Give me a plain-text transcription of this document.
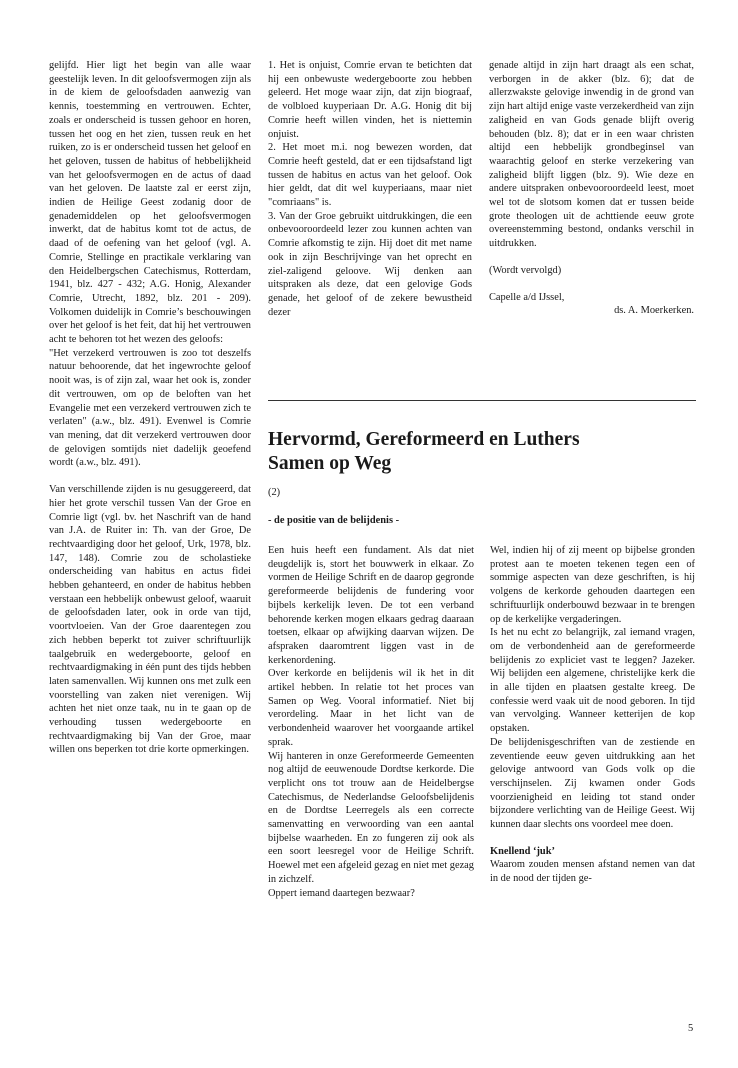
gelijfd. Hier ligt het begin van alle waar geestelijk leven. In dit geloofsvermogen zijn als in de kiem de geloofsdaden aanwezig van kennis, toestemming en vertrouwen. Echter, zoals er onderscheid is tussen gehoor en horen, tussen het oog en het zien, tussen reuk en het ruiken, zo is er onderscheid tussen het geloof en het geloven, tussen de habitus of hebbelijkheid van het geloofsvermogen en de actus of daad van het geloven. De laatste zal er eerst zijn, indien de Heilige Geest zodanig door de genademiddelen op het geloofsvermogen inwerkt, dat de habitus komt tot de actus, de daad of de oefening van het geloof (vgl. A. Comrie, Stellinge en practikale verklaring van den Heidelbergschen Catechismus, Rotterdam, 1941, blz. 427 - 432; A.G. Honig, Alexander Comrie, Utrecht, 1892, blz. 201 - 209). Volkomen duidelijk in Comrie’s beschouwingen over het geloof is het feit, dat hij het vertrouwen acht te behoren tot het wezen des geloofs:

"Het verzekerd vertrouwen is zoo tot deszelfs natuur behoorende, dat het ingewrochte geloof nooit was, is of zijn zal, waar het ook is, zonder dit vertrouwen, om op de beloften van het Evangelie met een verzekerd vertrouwen zich te verlaten" (a.w., blz. 491). Evenwel is Comrie van mening, dat dit verzekerd vertrouwen door de gelovigen somtijds niet dadelijk geoefend wordt (a.w., blz. 491).

Van verschillende zijden is nu gesuggereerd, dat hier het grote verschil tussen Van der Groe en Comrie ligt (vgl. bv. het Naschrift van de hand van J.A. de Ruiter in: Th. van der Groe, De rechtvaardiging door het geloof, Urk, 1978, blz. 147, 148). Comrie zou de scholastieke onderscheiding van habitus en actus fidei hebben gehanteerd, en onder de habitus hebben verstaan een hebbelijk onbewust geloof, waaruit de geloofsdaden later, ook in orde van tijd, voortvloeien. Van der Groe daarentegen zou zich hebben beperkt tot zuiver schriftuurlijk taalgebruik en wedergeboorte, geloof en rechtvaardigmaking in één punt des tijds hebben laten samenvallen. Wij kunnen ons met zulk een voorstelling van zaken niet verenigen. Wij achten het niet onze taak, nu in te gaan op de verhouding tussen wedergeboorte en rechtvaardigmaking bij Van der Groe, maar willen ons beperken tot drie korte opmerkingen.

1. Het is onjuist, Comrie ervan te betichten dat hij een onbewuste wedergeboorte zou hebben geleerd. Het moge waar zijn, dat zijn biograaf, de volbloed kuyperiaan Dr. A.G. Honig dit bij Comrie heeft willen vinden, het is niettemin onjuist.

2. Het moet m.i. nog bewezen worden, dat Comrie heeft gesteld, dat er een tijdsafstand ligt tussen de habitus en actus van het geloof. Ook hier geldt, dat dit wel kuyperiaans, maar niet "comriaans" is.

3. Van der Groe gebruikt uitdrukkingen, die een onbevooroordeeld lezer zou kunnen achten van Comrie afkomstig te zijn. Hij doet dit met name ook in zijn Beschrijvinge van het oprecht en ziel-zaligend geloove. Wij denken aan uitspraken als deze, dat een gelovige Gods genade, het geloof of de zekere bewustheid dezer

genade altijd in zijn hart draagt als een schat, verborgen in de akker (blz. 6); dat de allerzwakste gelovige inwendig in de grond van zijn hart altijd enige vaste verzekerdheid van zijn zaligheid en van Gods genade blijft overig behouden (blz. 8); dat er in een waar christen altijd een hebbelijk grondbeginsel van waarachtig geloof en sterke verzekering van zaligheid blijft liggen (blz. 9). Wie deze en andere uitspraken onbevooroordeeld leest, moet wel tot de slotsom komen dat er tussen beide grote theologen uit de achttiende eeuw grote overeenstemming bestond, ondanks verschil in uitdrukken.

(Wordt vervolgd)

Capelle a/d IJssel,

ds. A. Moerkerken.

Hervormd, Gereformeerd en Luthers
Samen op Weg
(2)
- de positie van de belijdenis -

Een huis heeft een fundament. Als dat niet deugdelijk is, stort het bouwwerk in elkaar. Zo vormen de Heilige Schrift en de daarop gegronde gereformeerde belijdenis de fundering voor bijbels kerkelijk leven. De tot een verband behorende kerken mogen elkaars gedrag daaraan toetsen, elkaar op afwijking daarvan wijzen. De afspraken daaromtrent liggen vast in de kerkenordening.

Over kerkorde en belijdenis wil ik het in dit artikel hebben. In relatie tot het proces van Samen op Weg. Vooral informatief. Niet bij verordeling. Maar in het licht van de verbondenheid waarover het voorgaande artikel sprak.

Wij hanteren in onze Gereformeerde Gemeenten nog altijd de eeuwenoude Dordtse kerkorde. Die verplicht ons tot trouw aan de Heidelbergse Catechismus, de Nederlandse Geloofsbelijdenis en de Dordtse Leerregels als een correcte samenvatting en verwoording van een aantal bijbelse waarheden. En zo fungeren zij ook als een soort leesregel voor de Heilige Schrift. Hoewel met een afgeleid gezag en niet met gezag in zichzelf.

Oppert iemand daartegen bezwaar?

Wel, indien hij of zij meent op bijbelse gronden protest aan te moeten tekenen tegen een of sommige aspecten van deze geschriften, is hij volgens de kerkorde gehouden daartegen een schriftuurlijk onderbouwd bezwaar in te brengen op de kerkelijke vergaderingen.

Is het nu echt zo belangrijk, zal iemand vragen, om de verbondenheid aan de gereformeerde belijdenis zo expliciet vast te leggen? Jazeker. Wij belijden een algemene, christelijke kerk die in alle tijden en plaatsen gestalte kreeg. De confessie werd vaak uit de nood geboren. In tijd van vervolging. Wanneer ketterijen de kop opstaken.

De belijdenisgeschriften van de zestiende en zeventiende eeuw geven uitdrukking aan het gelovige antwoord van Gods volk op die verschijnselen. Zij kwamen onder Gods voorzienigheid en leiding tot stand onder bijzondere verlichting van de Heilige Geest. Wij kunnen daar slechts ons voordeel mee doen.

Knellend ‘juk’

Waarom zouden mensen afstand nemen van dat in de nood der tijden ge-

5
